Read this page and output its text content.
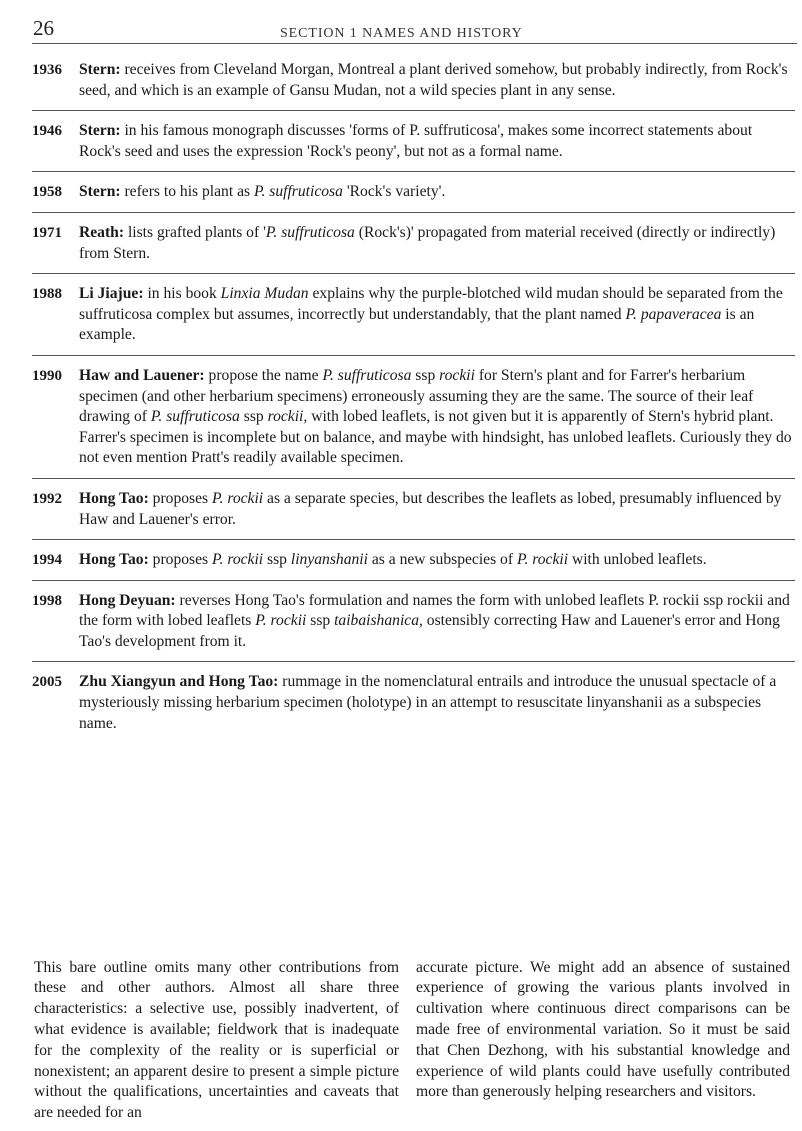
26	SECTION 1 NAMES AND HISTORY
1936	Stern: receives from Cleveland Morgan, Montreal a plant derived somehow, but probably indirectly, from Rock's seed, and which is an example of Gansu Mudan, not a wild species plant in any sense.
1946	Stern: in his famous monograph discusses 'forms of P. suffruticosa', makes some incorrect statements about Rock's seed and uses the expression 'Rock's peony', but not as a formal name.
1958	Stern: refers to his plant as P. suffruticosa 'Rock's variety'.
1971	Reath: lists grafted plants of 'P. suffruticosa (Rock's)' propagated from material received (directly or indirectly) from Stern.
1988	Li Jiajue: in his book Linxia Mudan explains why the purple-blotched wild mudan should be separated from the suffruticosa complex but assumes, incorrectly but understandably, that the plant named P. papaveracea is an example.
1990	Haw and Lauener: propose the name P. suffruticosa ssp rockii for Stern's plant and for Farrer's herbarium specimen (and other herbarium specimens) erroneously assuming they are the same. The source of their leaf drawing of P. suffruticosa ssp rockii, with lobed leaflets, is not given but it is apparently of Stern's hybrid plant. Farrer's specimen is incomplete but on balance, and maybe with hindsight, has unlobed leaflets. Curiously they do not even mention Pratt's readily available specimen.
1992	Hong Tao: proposes P. rockii as a separate species, but describes the leaflets as lobed, presumably influenced by Haw and Lauener's error.
1994	Hong Tao: proposes P. rockii ssp linyanshanii as a new subspecies of P. rockii with unlobed leaflets.
1998	Hong Deyuan: reverses Hong Tao's formulation and names the form with unlobed leaflets P. rockii ssp rockii and the form with lobed leaflets P. rockii ssp taibaishanica, ostensibly correcting Haw and Lauener's error and Hong Tao's development from it.
2005	Zhu Xiangyun and Hong Tao: rummage in the nomenclatural entrails and introduce the unusual spectacle of a mysteriously missing herbarium specimen (holotype) in an attempt to resuscitate linyanshanii as a subspecies name.

This bare outline omits many other contributions from these and other authors. Almost all share three characteristics: a selective use, possibly inadvertent, of what evidence is available; fieldwork that is inadequate for the complexity of the reality or is superficial or nonexistent; an apparent desire to present a simple picture without the qualifications, uncertainties and caveats that are needed for an

accurate picture. We might add an absence of sustained experience of growing the various plants involved in cultivation where continuous direct comparisons can be made free of environmental variation. So it must be said that Chen Dezhong, with his substantial knowledge and experience of wild plants could have usefully contributed more than generously helping researchers and visitors.
